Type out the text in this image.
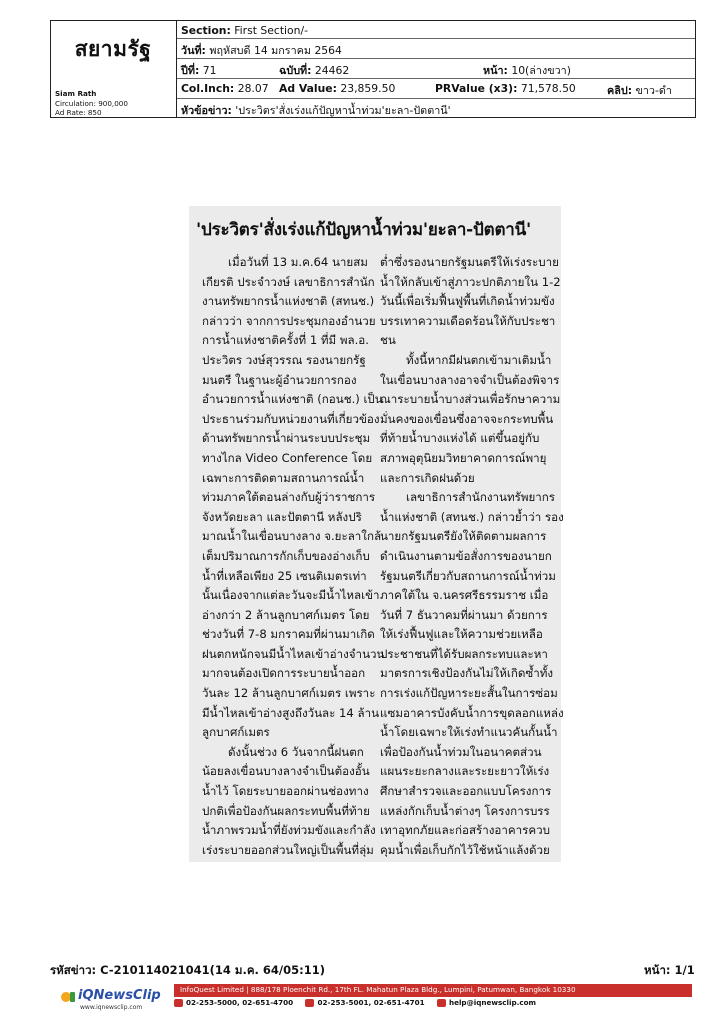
สยามรัฐ
Siam Rath
Circulation: 900,000
Ad Rate: 850
Section: First Section/-
วันที่: พฤหัสบดี 14 มกราคม 2564
ปีที่: 71	ฉบับที่: 24462	หน้า: 10(ล่างขวา)
Col.Inch: 28.07 Ad Value: 23,859.50	PRValue (x3): 71,578.50	คลิป: ขาว-ดำ
หัวข้อข่าว: 'ประวิตร'สั่งเร่งแก้ปัญหาน้ำท่วม'ยะลา-ปัตตานี'
'ประวิตร'สั่งเร่งแก้ปัญหาน้ำท่วม'ยะลา-ปัตตานี'
เมื่อวันที่ 13 ม.ค.64 นายสม
เกียรติ ประจำวงษ์ เลขาธิการสำนัก
งานทรัพยากรน้ำแห่งชาติ (สทนช.)
กล่าวว่า จากการประชุมกองอำนวย
การน้ำแห่งชาติครั้งที่ 1 ที่มี พล.อ.
ประวิตร วงษ์สุวรรณ รองนายกรัฐ
มนตรี ในฐานะผู้อำนวยการกอง
อำนวยการน้ำแห่งชาติ (กอนช.) เป็น
ประธานร่วมกับหน่วยงานที่เกี่ยวข้อง
ด้านทรัพยากรน้ำผ่านระบบประชุม
ทางไกล Video Conference โดย
เฉพาะการติดตามสถานการณ์น้ำ
ท่วมภาคใต้ตอนล่างกับผู้ว่าราชการ
จังหวัดยะลา และปัตตานี หลังปริ
มาณน้ำในเขื่อนบางลาง จ.ยะลาใกล้
เต็มปริมาณการกักเก็บของอ่างเก็บ
น้ำที่เหลือเพียง 25 เซนติเมตรเท่า
นั้นเนื่องจากแต่ละวันจะมีน้ำไหลเข้า
อ่างกว่า 2 ล้านลูกบาศก์เมตร โดย
ช่วงวันที่ 7-8 มกราคมที่ผ่านมาเกิด
ฝนตกหนักจนมีน้ำไหลเข้าอ่างจำนวน
มากจนต้องเปิดการระบายน้ำออก
วันละ 12 ล้านลูกบาศก์เมตร เพราะ
มีน้ำไหลเข้าอ่างสูงถึงวันละ 14 ล้าน
ลูกบาศก์เมตร
ดังนั้นช่วง 6 วันจากนี้ฝนตก
น้อยลงเขื่อนบางลางจำเป็นต้องอั้น
น้ำไว้ โดยระบายออกผ่านช่องทาง
ปกติเพื่อป้องกันผลกระทบพื้นที่ท้าย
น้ำภาพรวมน้ำที่ยังท่วมขังและกำลัง
เร่งระบายออกส่วนใหญ่เป็นพื้นที่ลุ่ม
ต่ำซึ่งรองนายกรัฐมนตรีให้เร่งระบาย
น้ำให้กลับเข้าสู่ภาวะปกติภายใน 1-2
วันนี้เพื่อเริ่มฟื้นฟูพื้นที่เกิดน้ำท่วมขัง
บรรเทาความเดือดร้อนให้กับประชา
ชน
ทั้งนี้หากมีฝนตกเข้ามาเติมน้ำ
ในเขื่อนบางลางอาจจำเป็นต้องพิจาร
ณาระบายน้ำบางส่วนเพื่อรักษาความ
มั่นคงของเขื่อนซึ่งอาจจะกระทบพื้น
ที่ท้ายน้ำบางแห่งได้ แต่ขึ้นอยู่กับ
สภาพอุตุนิยมวิทยาคาดการณ์พายุ
และการเกิดฝนด้วย
เลขาธิการสำนักงานทรัพยากร
น้ำแห่งชาติ (สทนช.) กล่าวย้ำว่า รอง
นายกรัฐมนตรียังให้ติดตามผลการ
ดำเนินงานตามข้อสั่งการของนายก
รัฐมนตรีเกี่ยวกับสถานการณ์น้ำท่วม
ภาคใต้ใน จ.นครศรีธรรมราช เมื่อ
วันที่ 7 ธันวาคมที่ผ่านมา ด้วยการ
ให้เร่งฟื้นฟูและให้ความช่วยเหลือ
ประชาชนที่ได้รับผลกระทบและหา
มาตรการเชิงป้องกันไม่ให้เกิดซ้ำทั้ง
การเร่งแก้ปัญหาระยะสั้นในการซ่อม
แซมอาคารบังคับน้ำการขุดลอกแหล่ง
น้ำโดยเฉพาะให้เร่งทำแนวคันกั้นน้ำ
เพื่อป้องกันน้ำท่วมในอนาคตส่วน
แผนระยะกลางและระยะยาวให้เร่ง
ศึกษาสำรวจและออกแบบโครงการ
แหล่งกักเก็บน้ำต่างๆ โครงการบรร
เทาอุทกภัยและก่อสร้างอาคารควบ
คุมน้ำเพื่อเก็บกักไว้ใช้หน้าแล้งด้วย
รหัสข่าว: C-210114021041(14 ม.ค. 64/05:11)	หน้า: 1/1
iQNewsClip
www.iqnewsclip.com
InfoQuest Limited | 888/178 Ploenchit Rd., 17th FL. Mahatun Plaza Bldg., Lumpini, Patumwan, Bangkok 10330
02-253-5000, 02-651-4700	02-253-5001, 02-651-4701	help@iqnewsclip.com
